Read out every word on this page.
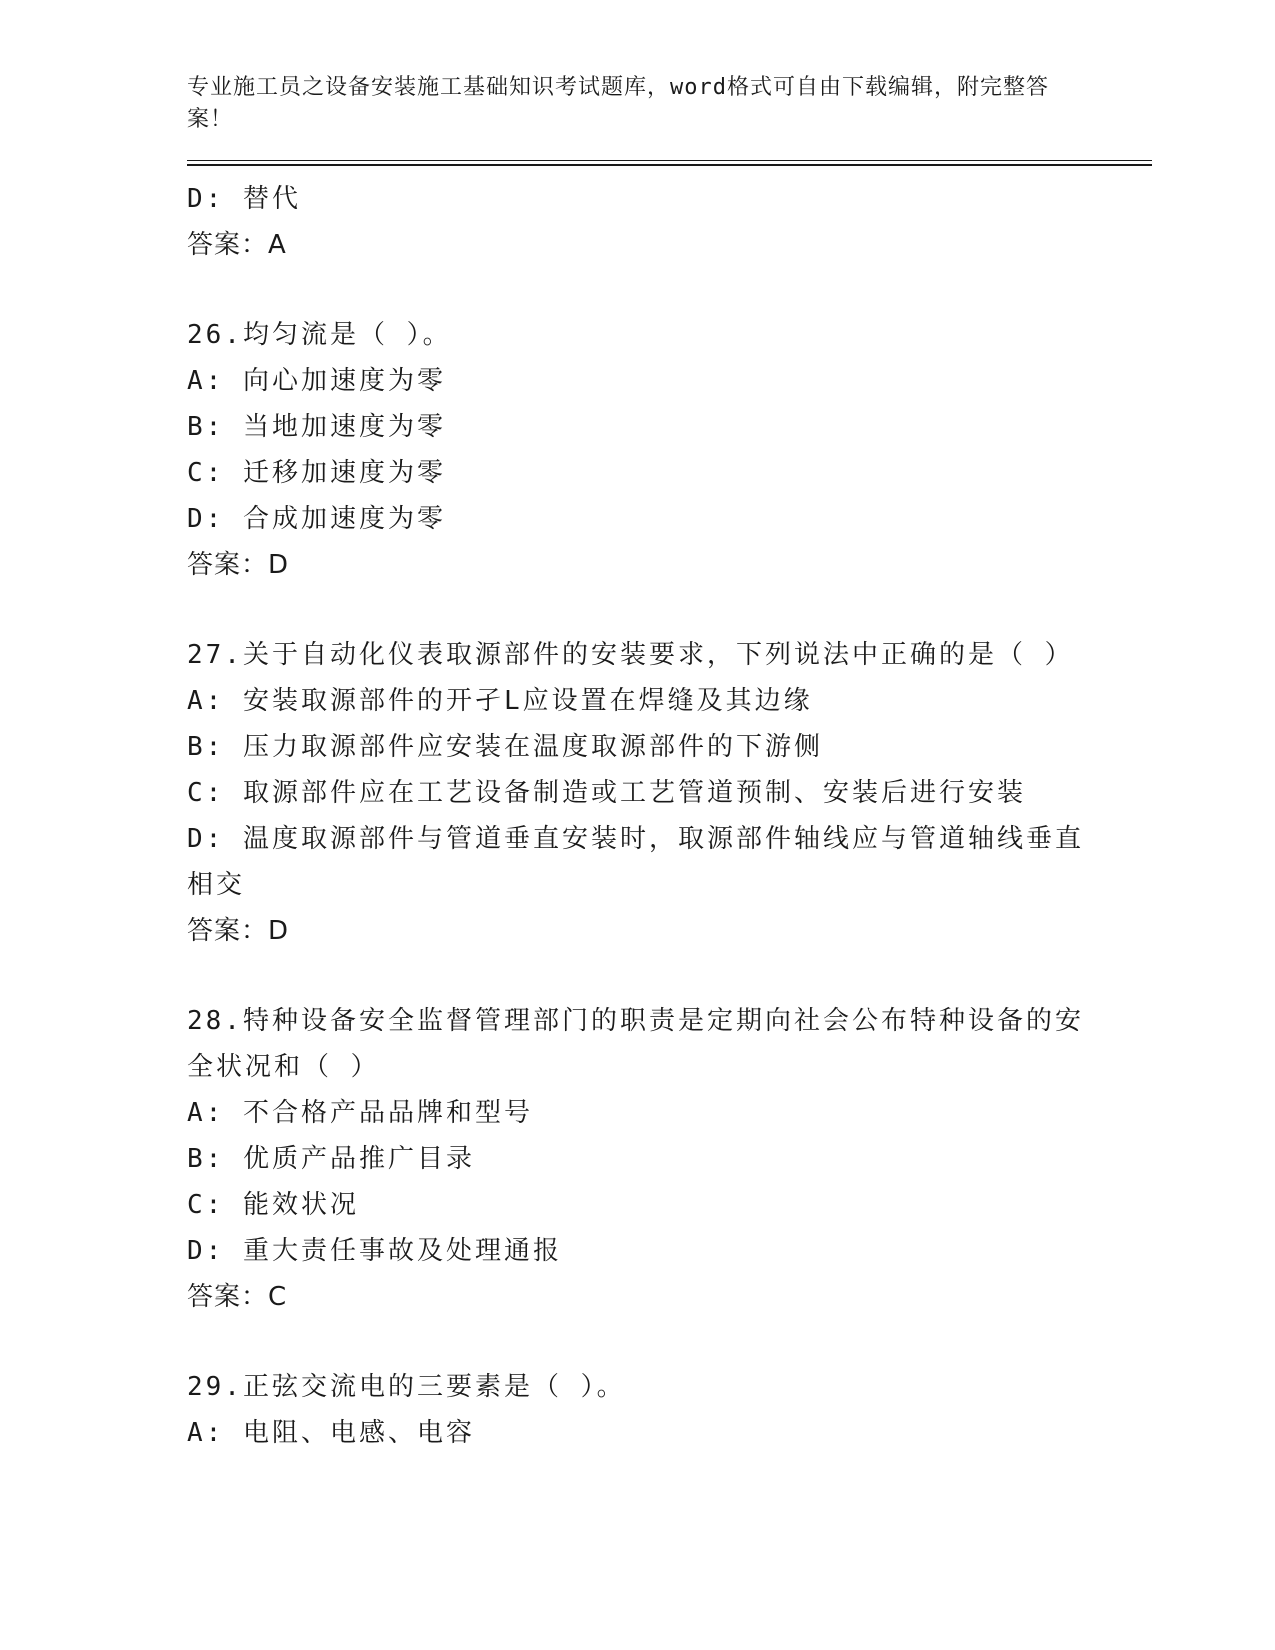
专业施工员之设备安装施工基础知识考试题库，word格式可自由下载编辑，附完整答案！
D: 替代
答案：A
26.均匀流是（ ）。
A: 向心加速度为零
B: 当地加速度为零
C: 迁移加速度为零
D: 合成加速度为零
答案：D
27.关于自动化仪表取源部件的安装要求，下列说法中正确的是（ ）
A: 安装取源部件的开孑L应设置在焊缝及其边缘
B: 压力取源部件应安装在温度取源部件的下游侧
C: 取源部件应在工艺设备制造或工艺管道预制、安装后进行安装
D: 温度取源部件与管道垂直安装时，取源部件轴线应与管道轴线垂直相交
答案：D
28.特种设备安全监督管理部门的职责是定期向社会公布特种设备的安全状况和（ ）
A: 不合格产品品牌和型号
B: 优质产品推广目录
C: 能效状况
D: 重大责任事故及处理通报
答案：C
29.正弦交流电的三要素是（ ）。
A: 电阻、电感、电容
